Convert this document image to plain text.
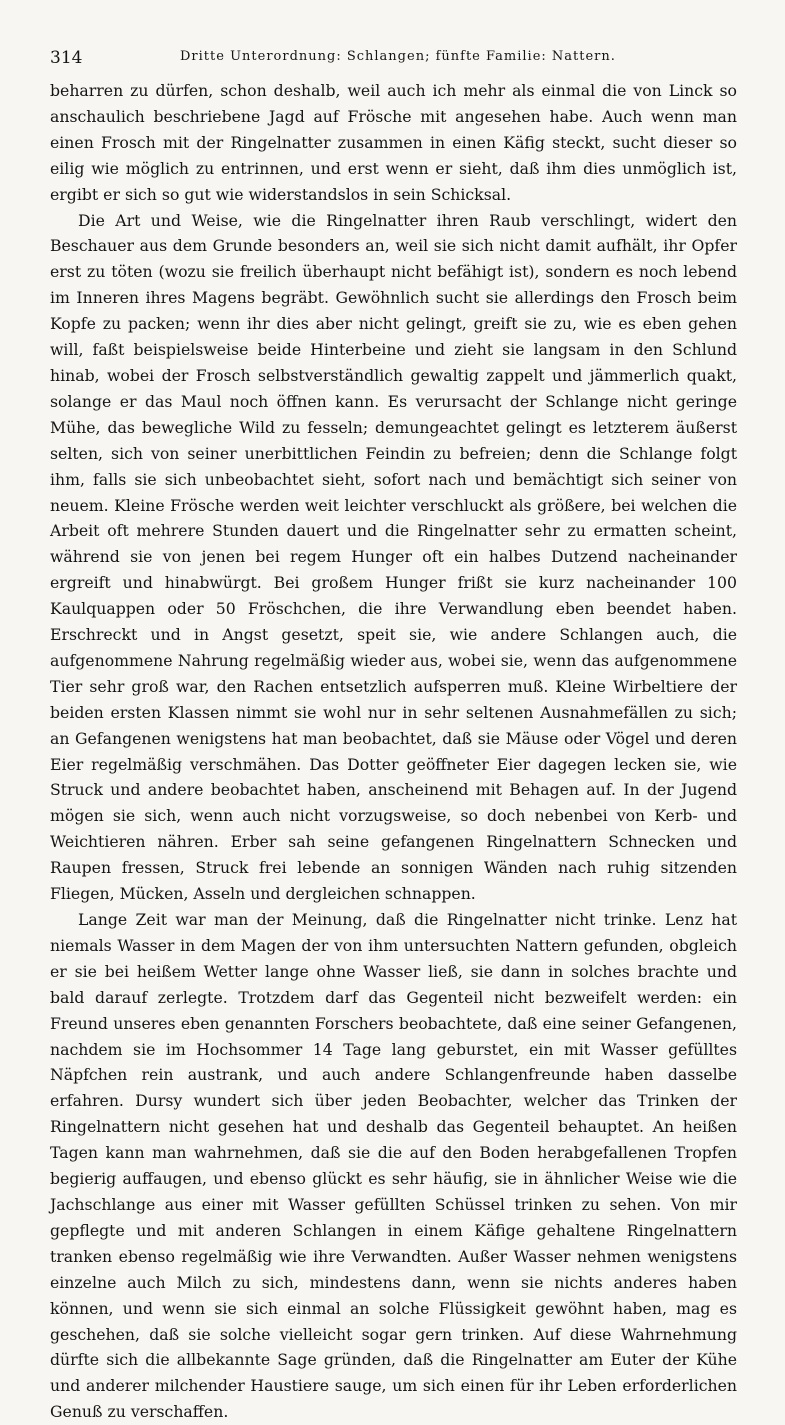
314	Dritte Unterordnung: Schlangen; fünfte Familie: Nattern.

beharren zu dürfen, schon deshalb, weil auch ich mehr als einmal die von Linck so anschaulich beschriebene Jagd auf Frösche mit angesehen habe. Auch wenn man einen Frosch mit der Ringelnatter zusammen in einen Käfig steckt, sucht dieser so eilig wie möglich zu entrinnen, und erst wenn er sieht, daß ihm dies unmöglich ist, ergibt er sich so gut wie widerstandslos in sein Schicksal.

Die Art und Weise, wie die Ringelnatter ihren Raub verschlingt, widert den Beschauer aus dem Grunde besonders an, weil sie sich nicht damit aufhält, ihr Opfer erst zu töten (wozu sie freilich überhaupt nicht befähigt ist), sondern es noch lebend im Inneren ihres Magens begräbt. Gewöhnlich sucht sie allerdings den Frosch beim Kopfe zu packen; wenn ihr dies aber nicht gelingt, greift sie zu, wie es eben gehen will, faßt beispielsweise beide Hinterbeine und zieht sie langsam in den Schlund hinab, wobei der Frosch selbstverständlich gewaltig zappelt und jämmerlich quakt, solange er das Maul noch öffnen kann. Es verursacht der Schlange nicht geringe Mühe, das bewegliche Wild zu fesseln; demungeachtet gelingt es letzterem äußerst selten, sich von seiner unerbittlichen Feindin zu befreien; denn die Schlange folgt ihm, falls sie sich unbeobachtet sieht, sofort nach und bemächtigt sich seiner von neuem. Kleine Frösche werden weit leichter verschluckt als größere, bei welchen die Arbeit oft mehrere Stunden dauert und die Ringelnatter sehr zu ermatten scheint, während sie von jenen bei regem Hunger oft ein halbes Dutzend nacheinander ergreift und hinabwürgt. Bei großem Hunger frißt sie kurz nacheinander 100 Kaulquappen oder 50 Fröschchen, die ihre Verwandlung eben beendet haben. Erschreckt und in Angst gesetzt, speit sie, wie andere Schlangen auch, die aufgenommene Nahrung regelmäßig wieder aus, wobei sie, wenn das aufgenommene Tier sehr groß war, den Rachen entsetzlich aufsperren muß. Kleine Wirbeltiere der beiden ersten Klassen nimmt sie wohl nur in sehr seltenen Ausnahmefällen zu sich; an Gefangenen wenigstens hat man beobachtet, daß sie Mäuse oder Vögel und deren Eier regelmäßig verschmähen. Das Dotter geöffneter Eier dagegen lecken sie, wie Struck und andere beobachtet haben, anscheinend mit Behagen auf. In der Jugend mögen sie sich, wenn auch nicht vorzugsweise, so doch nebenbei von Kerb- und Weichtieren nähren. Erber sah seine gefangenen Ringelnattern Schnecken und Raupen fressen, Struck frei lebende an sonnigen Wänden nach ruhig sitzenden Fliegen, Mücken, Asseln und dergleichen schnappen.

Lange Zeit war man der Meinung, daß die Ringelnatter nicht trinke. Lenz hat niemals Wasser in dem Magen der von ihm untersuchten Nattern gefunden, obgleich er sie bei heißem Wetter lange ohne Wasser ließ, sie dann in solches brachte und bald darauf zerlegte. Trotzdem darf das Gegenteil nicht bezweifelt werden: ein Freund unseres eben genannten Forschers beobachtete, daß eine seiner Gefangenen, nachdem sie im Hochsommer 14 Tage lang geburstet, ein mit Wasser gefülltes Näpfchen rein austrank, und auch andere Schlangenfreunde haben dasselbe erfahren. Dursy wundert sich über jeden Beobachter, welcher das Trinken der Ringelnattern nicht gesehen hat und deshalb das Gegenteil behauptet. An heißen Tagen kann man wahrnehmen, daß sie die auf den Boden herabgefallenen Tropfen begierig auffaugen, und ebenso glückt es sehr häufig, sie in ähnlicher Weise wie die Jachschlange aus einer mit Wasser gefüllten Schüssel trinken zu sehen. Von mir gepflegte und mit anderen Schlangen in einem Käfige gehaltene Ringelnattern tranken ebenso regelmäßig wie ihre Verwandten. Außer Wasser nehmen wenigstens einzelne auch Milch zu sich, mindestens dann, wenn sie nichts anderes haben können, und wenn sie sich einmal an solche Flüssigkeit gewöhnt haben, mag es geschehen, daß sie solche vielleicht sogar gern trinken. Auf diese Wahrnehmung dürfte sich die allbekannte Sage gründen, daß die Ringelnatter am Euter der Kühe und anderer milchender Haustiere sauge, um sich einen für ihr Leben erforderlichen Genuß zu verschaffen.
